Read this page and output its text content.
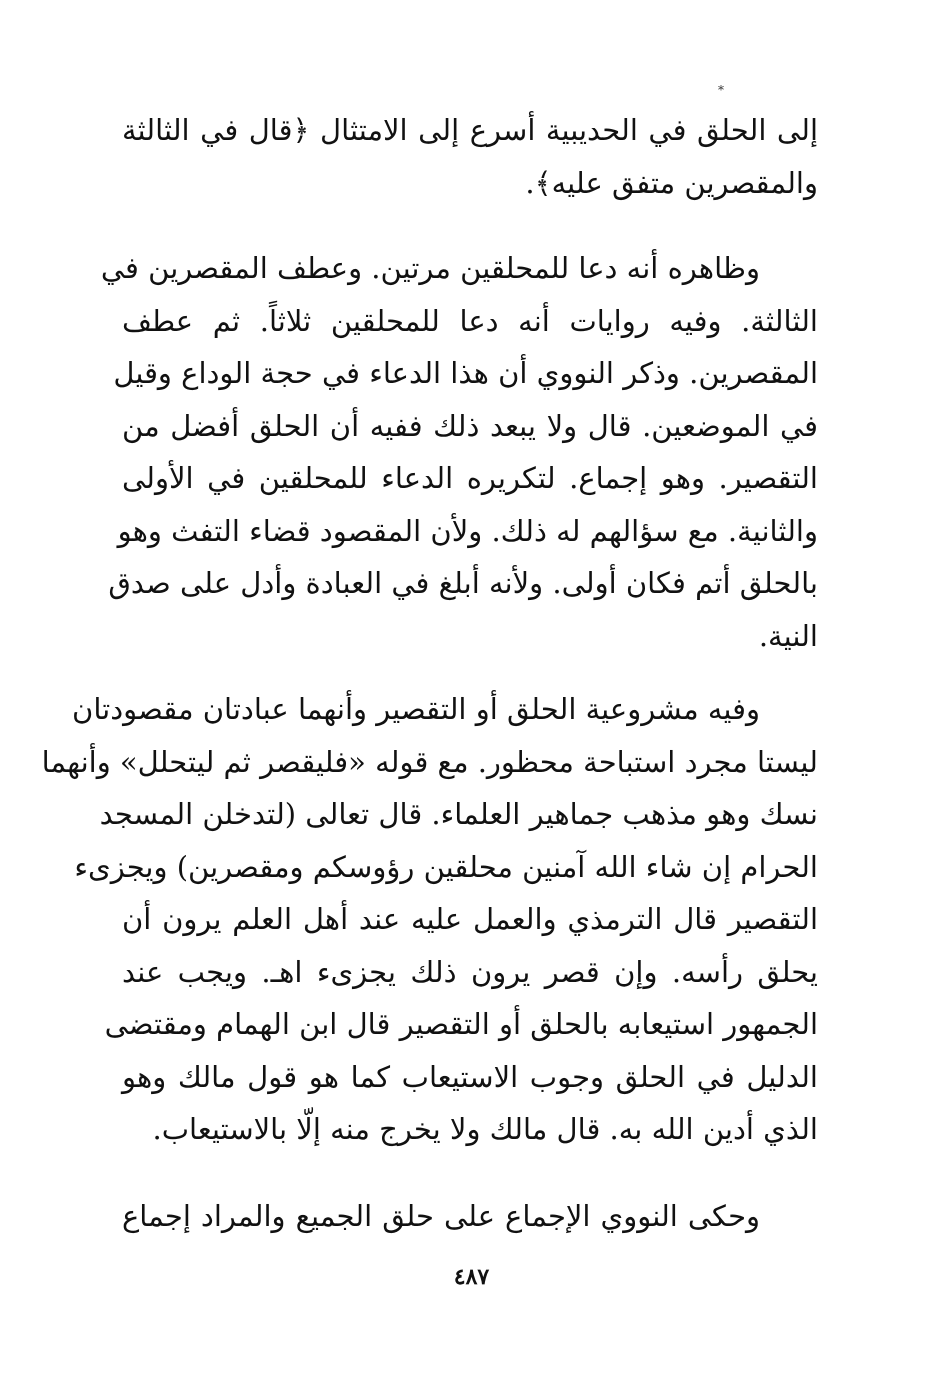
*
إلى الحلق في الحديبية أسرع إلى الامتثال ﴿قال في الثالثة
والمقصرين متفق عليه﴾.
وظاهره أنه دعا للمحلقين مرتين. وعطف المقصرين في
الثالثة. وفيه روايات أنه دعا للمحلقين ثلاثاً. ثم عطف
المقصرين. وذكر النووي أن هذا الدعاء في حجة الوداع وقيل
في الموضعين. قال ولا يبعد ذلك ففيه أن الحلق أفضل من
التقصير. وهو إجماع. لتكريره الدعاء للمحلقين في الأولى
والثانية. مع سؤالهم له ذلك. ولأن المقصود قضاء التفث وهو
بالحلق أتم فكان أولى. ولأنه أبلغ في العبادة وأدل على صدق
النية.
وفيه مشروعية الحلق أو التقصير وأنهما عبادتان مقصودتان
ليستا مجرد استباحة محظور. مع قوله «فليقصر ثم ليتحلل» وأنهما
نسك وهو مذهب جماهير العلماء. قال تعالى (لتدخلن المسجد
الحرام إن شاء الله آمنين محلقين رؤوسكم ومقصرين) ويجزىء
التقصير قال الترمذي والعمل عليه عند أهل العلم يرون أن
يحلق رأسه. وإن قصر يرون ذلك يجزىء اهـ. ويجب عند
الجمهور استيعابه بالحلق أو التقصير قال ابن الهمام ومقتضى
الدليل في الحلق وجوب الاستيعاب كما هو قول مالك وهو
الذي أدين الله به. قال مالك ولا يخرج منه إلّا بالاستيعاب.
وحكى النووي الإجماع على حلق الجميع والمراد إجماع
٤٨٧
